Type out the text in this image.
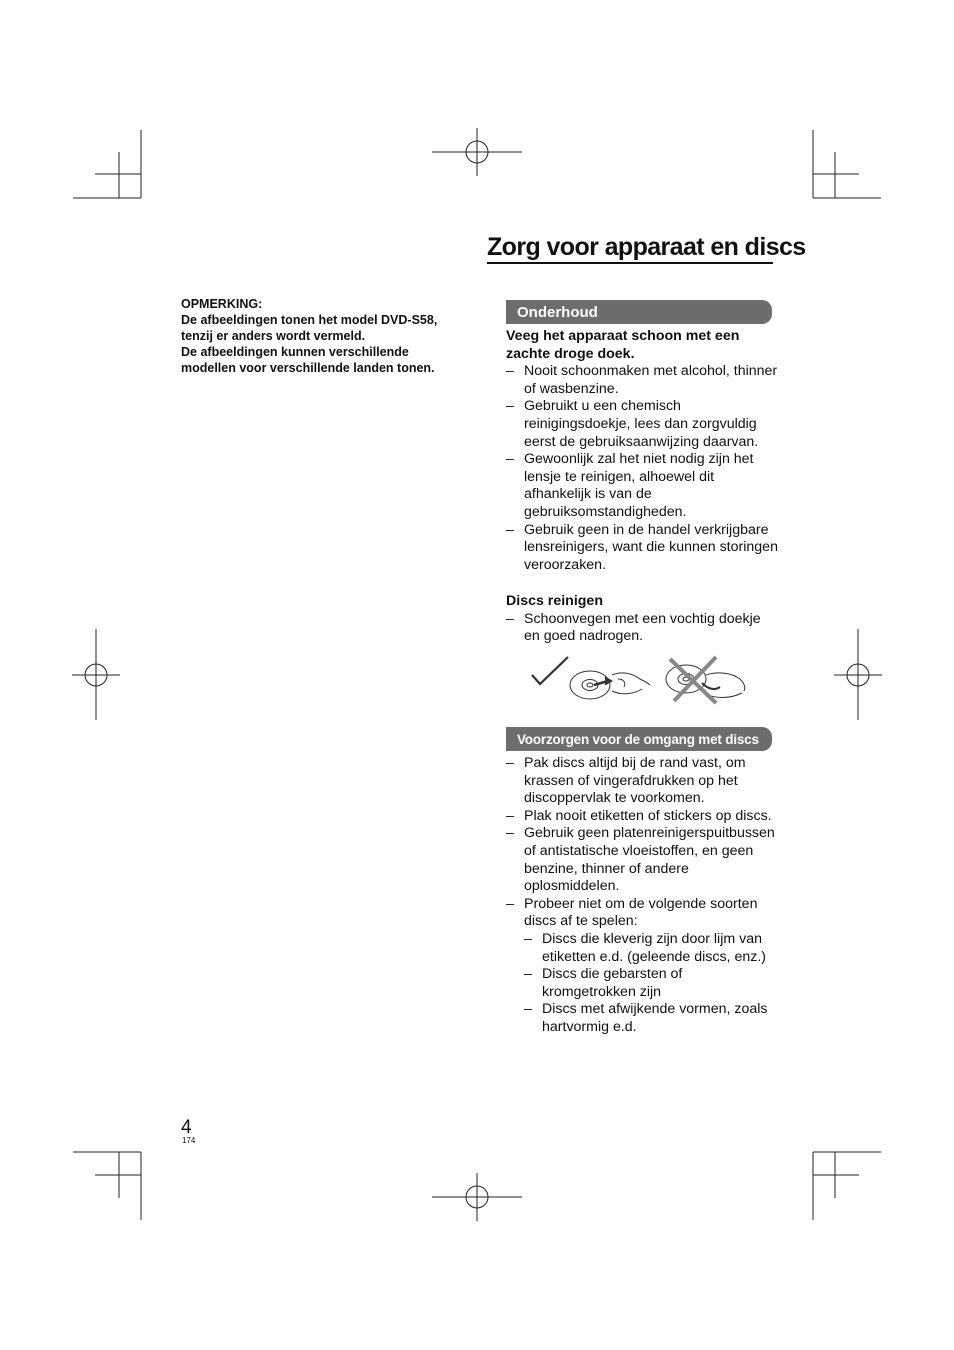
Zorg voor apparaat en discs
OPMERKING:
De afbeeldingen tonen het model DVD-S58,
tenzij er anders wordt vermeld.
De afbeeldingen kunnen verschillende
modellen voor verschillende landen tonen.
Onderhoud

Veeg het apparaat schoon met een zachte droge doek.

– Nooit schoonmaken met alcohol, thinner of wasbenzine.
– Gebruikt u een chemisch reinigingsdoekje, lees dan zorgvuldig eerst de gebruiksaanwijzing daarvan.
– Gewoonlijk zal het niet nodig zijn het lensje te reinigen, alhoewel dit afhankelijk is van de gebruiksomstandigheden.
– Gebruik geen in de handel verkrijgbare lensreinigers, want die kunnen storingen veroorzaken.

Discs reinigen

– Schoonvegen met een vochtig doekje en goed nadrogen.
Voorzorgen voor de omgang met discs
– Pak discs altijd bij de rand vast, om krassen of vingerafdrukken op het discoppervlak te voorkomen.
– Plak nooit etiketten of stickers op discs.
– Gebruik geen platenreinigerspuitbussen of antistatische vloeistoffen, en geen benzine, thinner of andere oplosmiddelen.
– Probeer niet om de volgende soorten discs af te spelen:
– Discs die kleverig zijn door lijm van etiketten e.d. (geleende discs, enz.)
– Discs die gebarsten of kromgetrokken zijn
– Discs met afwijkende vormen, zoals hartvormig e.d.
4
174
